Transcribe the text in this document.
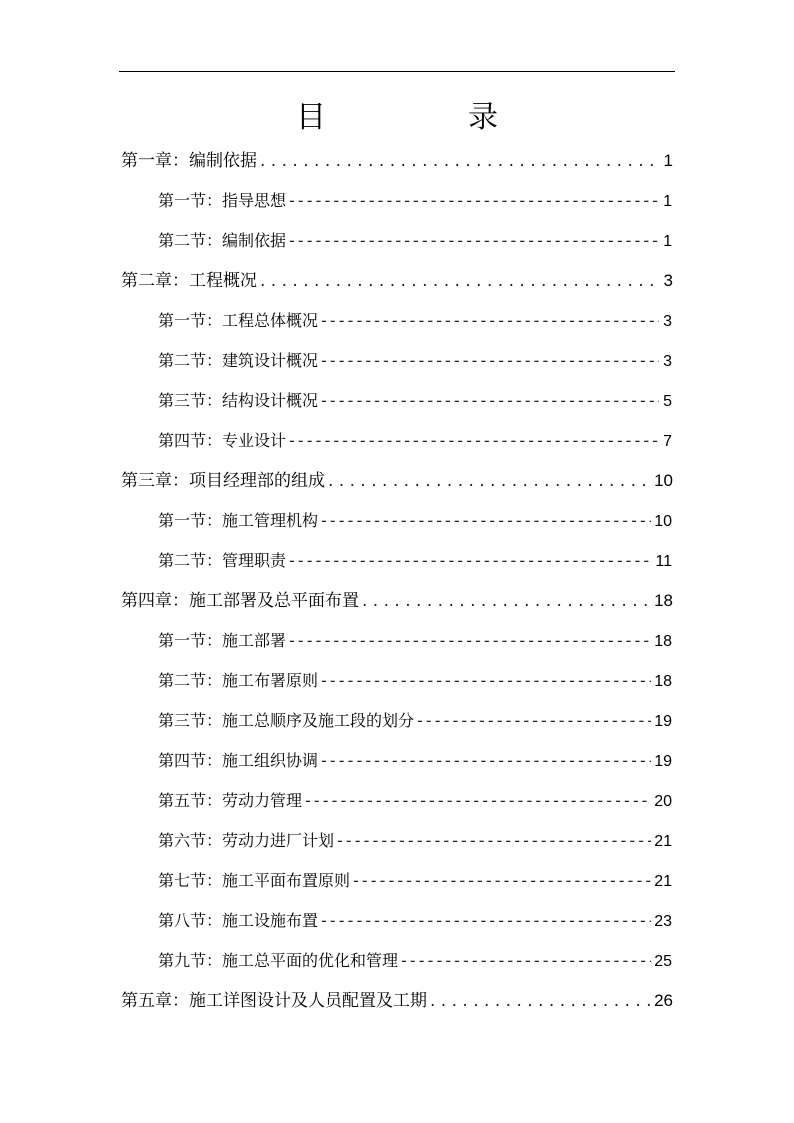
目　录
第一章：编制依据 . . .	1
第一节：指导思想 - - -	1
第二节：编制依据 - - -	1
第二章：工程概况 . . .	3
第一节：工程总体概况 - - -	3
第二节：建筑设计概况 - - -	3
第三节：结构设计概况 - - -	5
第四节：专业设计 - - -	7
第三章：项目经理部的组成 . . .	10
第一节：施工管理机构 - - -	10
第二节：管理职责 - - -	11
第四章：施工部署及总平面布置 . . .	18
第一节：施工部署 - - -	18
第二节：施工布署原则 - - -	18
第三节：施工总顺序及施工段的划分 - - -	19
第四节：施工组织协调 - - -	19
第五节：劳动力管理 - - -	20
第六节：劳动力进厂计划 - - -	21
第七节：施工平面布置原则 - - -	21
第八节：施工设施布置 - - -	23
第九节：施工总平面的优化和管理 - - -	25
第五章：施工详图设计及人员配置及工期 . . .	26
